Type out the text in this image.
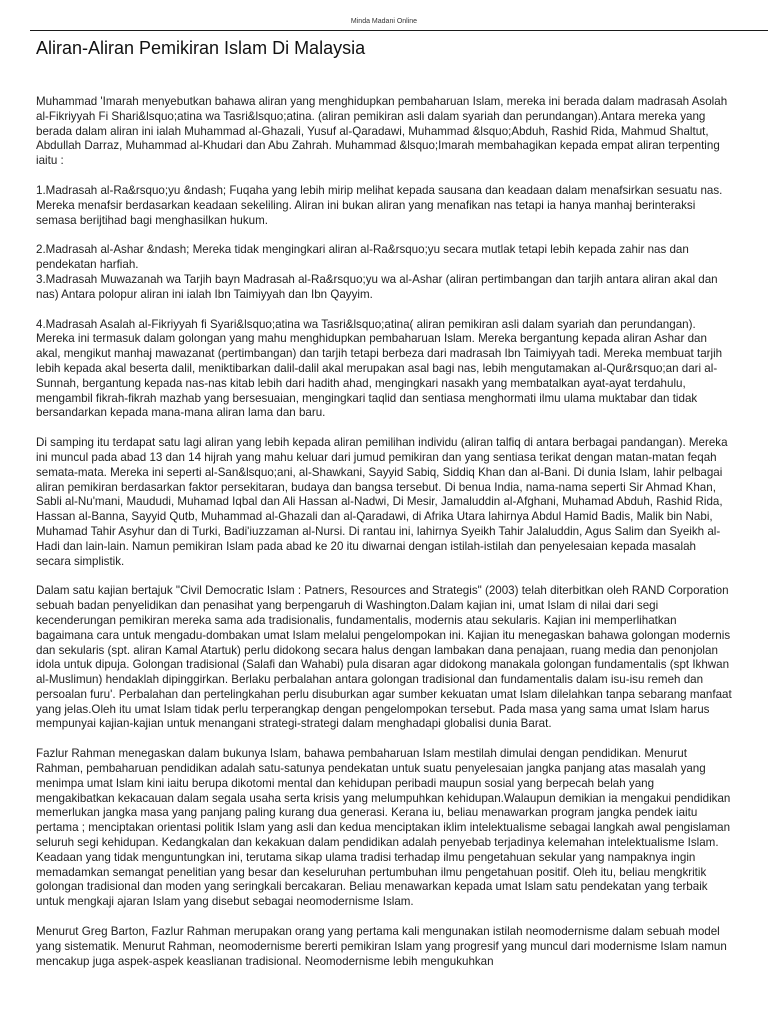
Minda Madani Online
Aliran-Aliran Pemikiran Islam Di Malaysia

Muhammad 'Imarah menyebutkan bahawa aliran yang menghidupkan pembaharuan Islam, mereka ini berada dalam madrasah Asolah al-Fikriyyah Fi Shari&lsquo;atina wa Tasri&lsquo;atina. (aliran pemikiran asli dalam syariah dan perundangan).Antara mereka yang berada dalam aliran ini ialah Muhammad al-Ghazali, Yusuf al-Qaradawi, Muhammad &lsquo;Abduh, Rashid Rida, Mahmud Shaltut, Abdullah Darraz, Muhammad al-Khudari dan Abu Zahrah. Muhammad &lsquo;Imarah membahagikan kepada empat aliran terpenting iaitu :

1.Madrasah al-Ra&rsquo;yu &ndash; Fuqaha yang lebih mirip melihat kepada sausana dan keadaan dalam menafsirkan sesuatu nas. Mereka menafsir berdasarkan keadaan sekeliling. Aliran ini bukan aliran yang menafikan nas tetapi ia hanya manhaj berinteraksi semasa berijtihad bagi menghasilkan hukum.

2.Madrasah al-Ashar &ndash; Mereka tidak mengingkari aliran al-Ra&rsquo;yu secara mutlak tetapi lebih kepada zahir nas dan pendekatan harfiah.

3.Madrasah Muwazanah wa Tarjih bayn Madrasah al-Ra&rsquo;yu wa al-Ashar (aliran pertimbangan dan tarjih antara aliran akal dan nas) Antara polopur aliran ini ialah Ibn Taimiyyah dan Ibn Qayyim.

4.Madrasah Asalah al-Fikriyyah fi Syari&lsquo;atina wa Tasri&lsquo;atina( aliran pemikiran asli dalam syariah dan perundangan). Mereka ini termasuk dalam golongan yang mahu menghidupkan pembaharuan Islam. Mereka bergantung kepada aliran Ashar dan akal, mengikut manhaj mawazanat (pertimbangan) dan tarjih tetapi berbeza dari madrasah Ibn Taimiyyah tadi. Mereka membuat tarjih lebih kepada akal beserta dalil, meniktibarkan dalil-dalil akal merupakan asal bagi nas, lebih mengutamakan al-Qur&rsquo;an dari al-Sunnah, bergantung kepada nas-nas kitab lebih dari hadith ahad, mengingkari nasakh yang membatalkan ayat-ayat terdahulu, mengambil fikrah-fikrah mazhab yang bersesuaian, mengingkari taqlid dan sentiasa menghormati ilmu ulama muktabar dan tidak bersandarkan kepada mana-mana aliran lama dan baru.

Di samping itu terdapat satu lagi aliran yang lebih kepada aliran pemilihan individu (aliran talfiq di antara berbagai pandangan). Mereka ini muncul pada abad 13 dan 14 hijrah yang mahu keluar dari jumud pemikiran dan yang sentiasa terikat dengan matan-matan feqah semata-mata. Mereka ini seperti al-San&lsquo;ani, al-Shawkani, Sayyid Sabiq, Siddiq Khan dan al-Bani. Di dunia Islam, lahir pelbagai aliran pemikiran berdasarkan faktor persekitaran, budaya dan bangsa tersebut. Di benua India, nama-nama seperti Sir Ahmad Khan, Sabli al-Nu'mani, Maududi, Muhamad Iqbal dan Ali Hassan al-Nadwi, Di Mesir, Jamaluddin al-Afghani, Muhamad Abduh, Rashid Rida, Hassan al-Banna, Sayyid Qutb, Muhammad al-Ghazali dan al-Qaradawi, di Afrika Utara lahirnya Abdul Hamid Badis, Malik bin Nabi, Muhamad Tahir Asyhur dan di Turki, Badi'iuzzaman al-Nursi. Di rantau ini, lahirnya Syeikh Tahir Jalaluddin, Agus Salim dan Syeikh al-Hadi dan lain-lain. Namun pemikiran Islam pada abad ke 20 itu diwarnai dengan istilah-istilah dan penyelesaian kepada masalah secara simplistik.

Dalam satu kajian bertajuk "Civil Democratic Islam : Patners, Resources and Strategis" (2003) telah diterbitkan oleh RAND Corporation sebuah badan penyelidikan dan penasihat yang berpengaruh di Washington.Dalam kajian ini, umat Islam di nilai dari segi kecenderungan pemikiran mereka sama ada tradisionalis, fundamentalis, modernis atau sekularis. Kajian ini memperlihatkan bagaimana cara untuk mengadu-dombakan umat Islam melalui pengelompokan ini. Kajian itu menegaskan bahawa golongan modernis dan sekularis (spt. aliran Kamal Atartuk) perlu didokong secara halus dengan lambakan dana penajaan, ruang media dan penonjolan idola untuk dipuja. Golongan tradisional (Salafi dan Wahabi) pula disaran agar didokong manakala golongan fundamentalis (spt Ikhwan al-Muslimun) hendaklah dipinggirkan. Berlaku perbalahan antara golongan tradisional dan fundamentalis dalam isu-isu remeh dan persoalan furu'. Perbalahan dan pertelingkahan perlu disuburkan agar sumber kekuatan umat Islam dilelahkan tanpa sebarang manfaat yang jelas.Oleh itu umat Islam tidak perlu terperangkap dengan pengelompokan tersebut. Pada masa yang sama umat Islam harus mempunyai kajian-kajian untuk menangani strategi-strategi dalam menghadapi globalisi dunia Barat.

Fazlur Rahman menegaskan dalam bukunya Islam, bahawa pembaharuan Islam mestilah dimulai dengan pendidikan. Menurut Rahman, pembaharuan pendidikan adalah satu-satunya pendekatan untuk suatu penyelesaian jangka panjang atas masalah yang menimpa umat Islam kini iaitu berupa dikotomi mental dan kehidupan peribadi maupun sosial yang berpecah belah yang mengakibatkan kekacauan dalam segala usaha serta krisis yang melumpuhkan kehidupan.Walaupun demikian ia mengakui pendidikan memerlukan jangka masa yang panjang paling kurang dua generasi. Kerana iu, beliau menawarkan program jangka pendek iaitu pertama ; menciptakan orientasi politik Islam yang asli dan kedua menciptakan iklim intelektualisme sebagai langkah awal pengislaman seluruh segi kehidupan. Kedangkalan dan kekakuan dalam pendidikan adalah penyebab terjadinya kelemahan intelektualisme Islam. Keadaan yang tidak menguntungkan ini, terutama sikap ulama tradisi terhadap ilmu pengetahuan sekular yang nampaknya ingin memadamkan semangat penelitian yang besar dan keseluruhan pertumbuhan ilmu pengetahuan positif. Oleh itu, beliau mengkritik golongan tradisional dan moden yang seringkali bercakaran. Beliau menawarkan kepada umat Islam satu pendekatan yang terbaik untuk mengkaji ajaran Islam yang disebut sebagai neomodernisme Islam.

Menurut Greg Barton, Fazlur Rahman merupakan orang yang pertama kali mengunakan istilah neomodernisme dalam sebuah model yang sistematik. Menurut Rahman, neomodernisme bererti pemikiran Islam yang progresif yang muncul dari modernisme Islam namun mencakup juga aspek-aspek keaslianan tradisional. Neomodernisme lebih mengukuhkan
